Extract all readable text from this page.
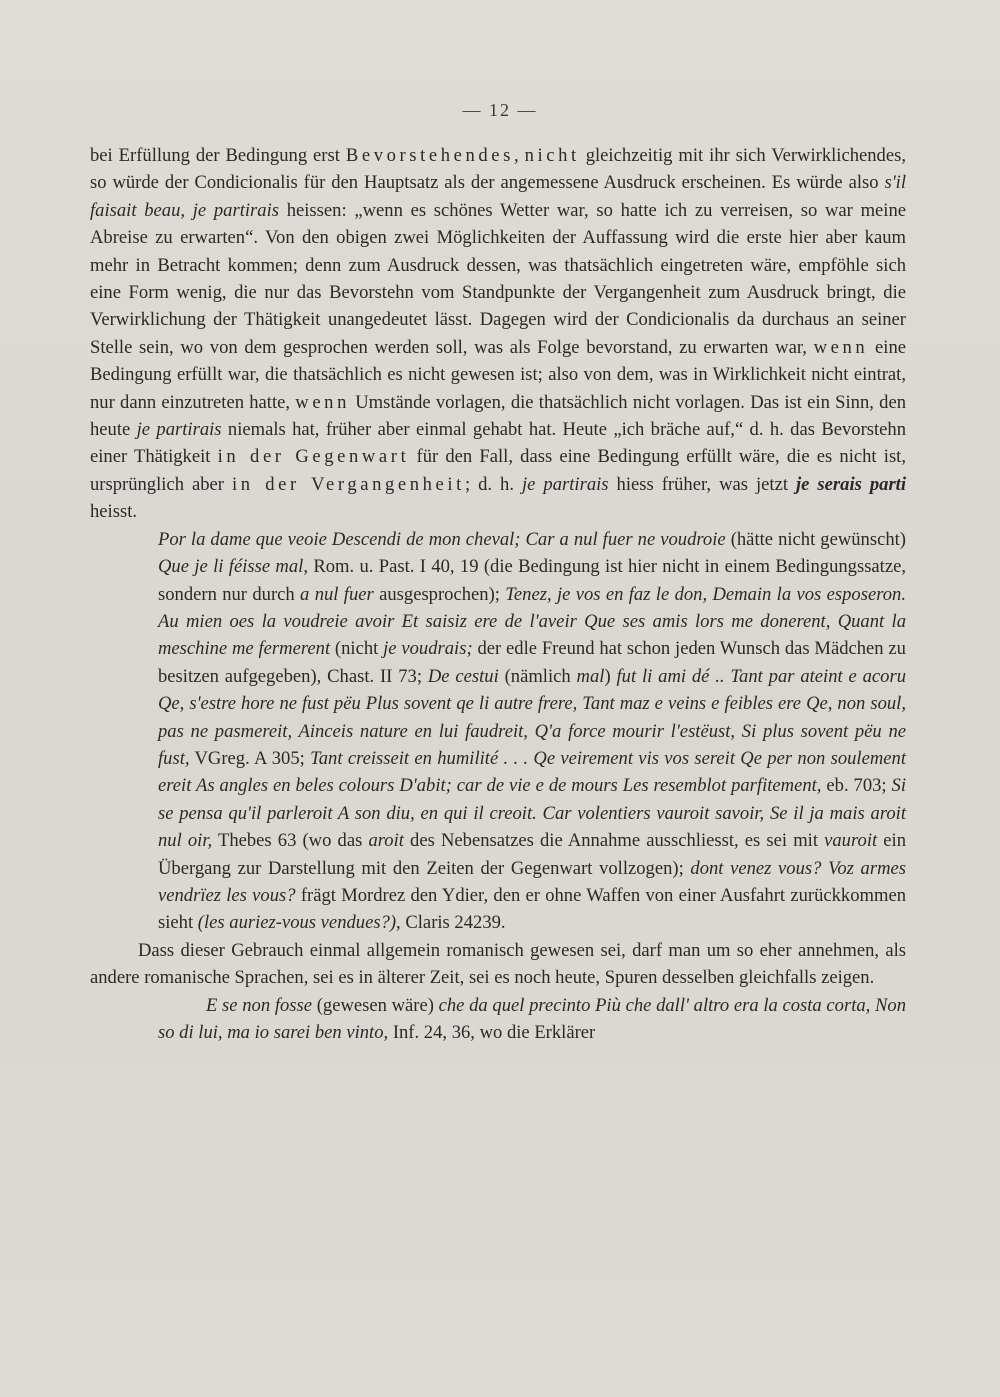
— 12 —

bei Erfüllung der Bedingung erst Bevorstehendes, nicht gleichzeitig mit ihr sich Verwirklichendes, so würde der Condicionalis für den Hauptsatz als der angemessene Ausdruck erscheinen. Es würde also s'il faisait beau, je partirais heissen: „wenn es schönes Wetter war, so hatte ich zu verreisen, so war meine Abreise zu erwarten“. Von den obigen zwei Möglichkeiten der Auffassung wird die erste hier aber kaum mehr in Betracht kommen; denn zum Ausdruck dessen, was thatsächlich eingetreten wäre, empföhle sich eine Form wenig, die nur das Bevorstehn vom Standpunkte der Vergangenheit zum Ausdruck bringt, die Verwirklichung der Thätigkeit unangedeutet lässt. Dagegen wird der Condicionalis da durchaus an seiner Stelle sein, wo von dem gesprochen werden soll, was als Folge bevorstand, zu erwarten war, wenn eine Bedingung erfüllt war, die thatsächlich es nicht gewesen ist; also von dem, was in Wirklichkeit nicht eintrat, nur dann einzutreten hatte, wenn Umstände vorlagen, die thatsächlich nicht vorlagen. Das ist ein Sinn, den heute je partirais niemals hat, früher aber einmal gehabt hat. Heute „ich bräche auf,“ d. h. das Bevorstehn einer Thätigkeit in der Gegenwart für den Fall, dass eine Bedingung erfüllt wäre, die es nicht ist, ursprünglich aber in der Vergangenheit; d. h. je partirais hiess früher, was jetzt je serais parti heisst.

Por la dame que veoie Descendi de mon cheval; Car a nul fuer ne voudroie (hätte nicht gewünscht) Que je li féisse mal, Rom. u. Past. I 40, 19 (die Bedingung ist hier nicht in einem Bedingungssatze, sondern nur durch a nul fuer ausgesprochen); Tenez, je vos en faz le don, Demain la vos esposeron. Au mien oes la voudreie avoir Et saisiz ere de l'aveir Que ses amis lors me donerent, Quant la meschine me fermerent (nicht je voudrais; der edle Freund hat schon jeden Wunsch das Mädchen zu besitzen aufgegeben), Chast. II 73; De cestui (nämlich mal) fut li ami dé .. Tant par ateint e acoru Qe, s'estre hore ne fust pëu Plus sovent qe li autre frere, Tant maz e veins e feibles ere Qe, non soul, pas ne pasmereit, Ainceis nature en lui faudreit, Q'a force mourir l'estëust, Si plus sovent pëu ne fust, VGreg. A 305; Tant creisseit en humilité . . . Qe veirement vis vos sereit Qe per non soulement ereit As angles en beles colours D'abit; car de vie e de mours Les resemblot parfitement, eb. 703; Si se pensa qu'il parleroit A son diu, en qui il creoit. Car volentiers vauroit savoir, Se il ja mais aroit nul oir, Thebes 63 (wo das aroit des Nebensatzes die Annahme ausschliesst, es sei mit vauroit ein Übergang zur Darstellung mit den Zeiten der Gegenwart vollzogen); dont venez vous? Voz armes vendrïez les vous? frägt Mordrez den Ydier, den er ohne Waffen von einer Ausfahrt zurückkommen sieht (les auriez-vous vendues?), Claris 24239.

Dass dieser Gebrauch einmal allgemein romanisch gewesen sei, darf man um so eher annehmen, als andere romanische Sprachen, sei es in älterer Zeit, sei es noch heute, Spuren desselben gleichfalls zeigen.

E se non fosse (gewesen wäre) che da quel precinto Più che dall' altro era la costa corta, Non so di lui, ma io sarei ben vinto, Inf. 24, 36, wo die Erklärer
